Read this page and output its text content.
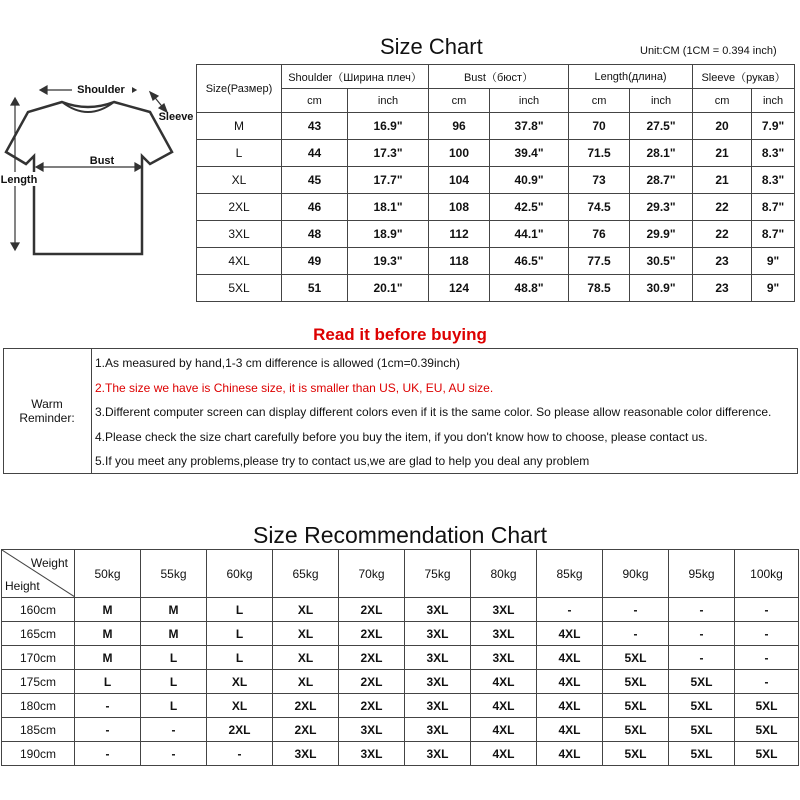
Shoulder
Sleeve
Bust
Length
Size Chart	Unit:CM (1CM = 0.394 inch)
Size(Размер)	Shoulder（Ширина плеч）		Bust（бюст）		Length(длина)		Sleeve（рукав）	
	cm	inch	cm	inch	cm	inch	cm	inch
M	43	16.9"	96	37.8"	70	27.5"	20	7.9"
L	44	17.3"	100	39.4"	71.5	28.1"	21	8.3"
XL	45	17.7"	104	40.9"	73	28.7"	21	8.3"
2XL	46	18.1"	108	42.5"	74.5	29.3"	22	8.7"
3XL	48	18.9"	112	44.1"	76	29.9"	22	8.7"
4XL	49	19.3"	118	46.5"	77.5	30.5"	23	9"
5XL	51	20.1"	124	48.8"	78.5	30.9"	23	9"
Read it before buying
Warm Reminder:
1.As measured by hand,1-3 cm difference is allowed (1cm=0.39inch)
2.The size we have is Chinese size, it is smaller than US, UK, EU, AU size.
3.Different computer screen can display different colors even if it is the same color. So please allow reasonable color difference.
4.Please check the size chart carefully before you buy the item, if you don't know how to choose, please contact us.
5.If you meet any problems,please try to contact us,we are glad to help you deal any problem
Size Recommendation Chart
Weight
Height	50kg	55kg	60kg	65kg	70kg	75kg	80kg	85kg	90kg	95kg	100kg
160cm	M	M	L	XL	2XL	3XL	3XL	-	-	-	-
165cm	M	M	L	XL	2XL	3XL	3XL	4XL	-	-	-
170cm	M	L	L	XL	2XL	3XL	3XL	4XL	5XL	-	-
175cm	L	L	XL	XL	2XL	3XL	4XL	4XL	5XL	5XL	-
180cm	-	L	XL	2XL	2XL	3XL	4XL	4XL	5XL	5XL	5XL
185cm	-	-	2XL	2XL	3XL	3XL	4XL	4XL	5XL	5XL	5XL
190cm	-	-	-	3XL	3XL	3XL	4XL	4XL	5XL	5XL	5XL
